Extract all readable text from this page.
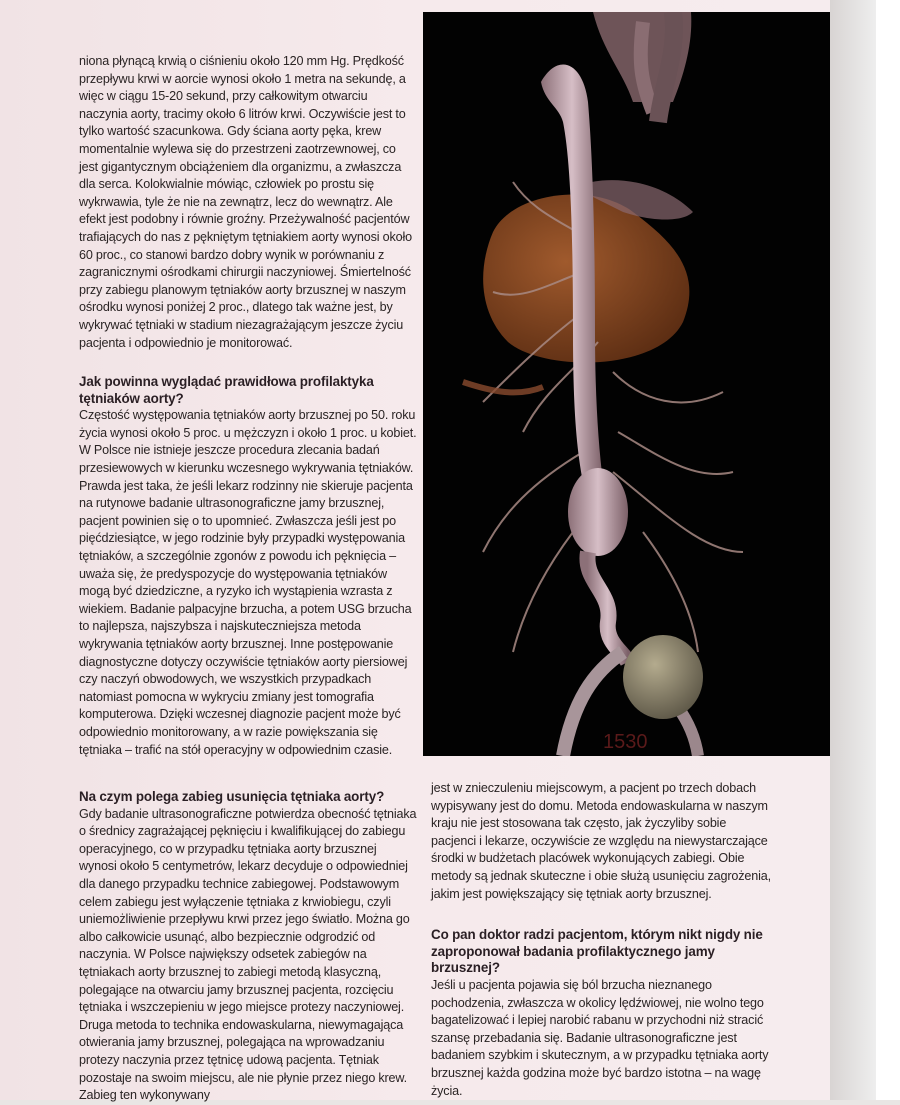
niona płynącą krwią o ciśnieniu około 120 mm Hg. Prędkość przepływu krwi w aorcie wynosi około 1 metra na sekundę, a więc w ciągu 15-20 sekund, przy całkowitym otwarciu naczynia aorty, tracimy około 6 litrów krwi. Oczywiście jest to tylko wartość szacunkowa. Gdy ściana aorty pęka, krew momentalnie wylewa się do przestrzeni zaotrzewnowej, co jest gigantycznym obciążeniem dla organizmu, a zwłaszcza dla serca. Kolokwialnie mówiąc, człowiek po prostu się wykrwawia, tyle że nie na zewnątrz, lecz do wewnątrz. Ale efekt jest podobny i równie groźny. Przeżywalność pacjentów trafiających do nas z pękniętym tętniakiem aorty wynosi około 60 proc., co stanowi bardzo dobry wynik w porównaniu z zagranicznymi ośrodkami chirurgii naczyniowej. Śmiertelność przy zabiegu planowym tętniaków aorty brzusznej w naszym ośrodku wynosi poniżej 2 proc., dlatego tak ważne jest, by wykrywać tętniaki w stadium niezagrażającym jeszcze życiu pacjenta i odpowiednio je monitorować.

Jak powinna wyglądać prawidłowa profilaktyka tętniaków aorty?

Częstość występowania tętniaków aorty brzusznej po 50. roku życia wynosi około 5 proc. u mężczyzn i około 1 proc. u kobiet. W Polsce nie istnieje jeszcze procedura zlecania badań przesiewowych w kierunku wczesnego wykrywania tętniaków. Prawda jest taka, że jeśli lekarz rodzinny nie skieruje pacjenta na rutynowe badanie ultrasonograficzne jamy brzusznej, pacjent powinien się o to upomnieć. Zwłaszcza jeśli jest po pięćdziesiątce, w jego rodzinie były przypadki występowania tętniaków, a szczególnie zgonów z powodu ich pęknięcia – uważa się, że predyspozycje do występowania tętniaków mogą być dziedziczne, a ryzyko ich wystąpienia wzrasta z wiekiem. Badanie palpacyjne brzucha, a potem USG brzucha to najlepsza, najszybsza i najskuteczniejsza metoda wykrywania tętniaków aorty brzusznej. Inne postępowanie diagnostyczne dotyczy oczywiście tętniaków aorty piersiowej czy naczyń obwodowych, we wszystkich przypadkach natomiast pomocna w wykryciu zmiany jest tomografia komputerowa. Dzięki wczesnej diagnozie pacjent może być odpowiednio monitorowany, a w razie powiększania się tętniaka – trafić na stół operacyjny w odpowiednim czasie.

Na czym polega zabieg usunięcia tętniaka aorty?

Gdy badanie ultrasonograficzne potwierdza obecność tętniaka o średnicy zagrażającej pęknięciu i kwalifikującej do zabiegu operacyjnego, co w przypadku tętniaka aorty brzusznej wynosi około 5 centymetrów, lekarz decyduje o odpowiedniej dla danego przypadku technice zabiegowej. Podstawowym celem zabiegu jest wyłączenie tętniaka z krwiobiegu, czyli uniemożliwienie przepływu krwi przez jego światło. Można go albo całkowicie usunąć, albo bezpiecznie odgrodzić od naczynia. W Polsce największy odsetek zabiegów na tętniakach aorty brzusznej to zabiegi metodą klasyczną, polegające na otwarciu jamy brzusznej pacjenta, rozcięciu tętniaka i wszczepieniu w jego miejsce protezy naczyniowej. Druga metoda to technika endowaskularna, niewymagająca otwierania jamy brzusznej, polegająca na wprowadzaniu protezy naczynia przez tętnicę udową pacjenta. Tętniak pozostaje na swoim miejscu, ale nie płynie przez niego krew. Zabieg ten wykonywany

jest w znieczuleniu miejscowym, a pacjent po trzech dobach wypisywany jest do domu. Metoda endowaskularna w naszym kraju nie jest stosowana tak często, jak życzyliby sobie pacjenci i lekarze, oczywiście ze względu na niewystarczające środki w budżetach placówek wykonujących zabiegi. Obie metody są jednak skuteczne i obie służą usunięciu zagrożenia, jakim jest powiększający się tętniak aorty brzusznej.

Co pan doktor radzi pacjentom, którym nikt nigdy nie zaproponował badania profilaktycznego jamy brzusznej?

Jeśli u pacjenta pojawia się ból brzucha nieznanego pochodzenia, zwłaszcza w okolicy lędźwiowej, nie wolno tego bagatelizować i lepiej narobić rabanu w przychodni niż stracić szansę przebadania się. Badanie ultrasonograficzne jest badaniem szybkim i skutecznym, a w przypadku tętniaka aorty brzusznej każda godzina może być bardzo istotna – na wagę życia.

1530
